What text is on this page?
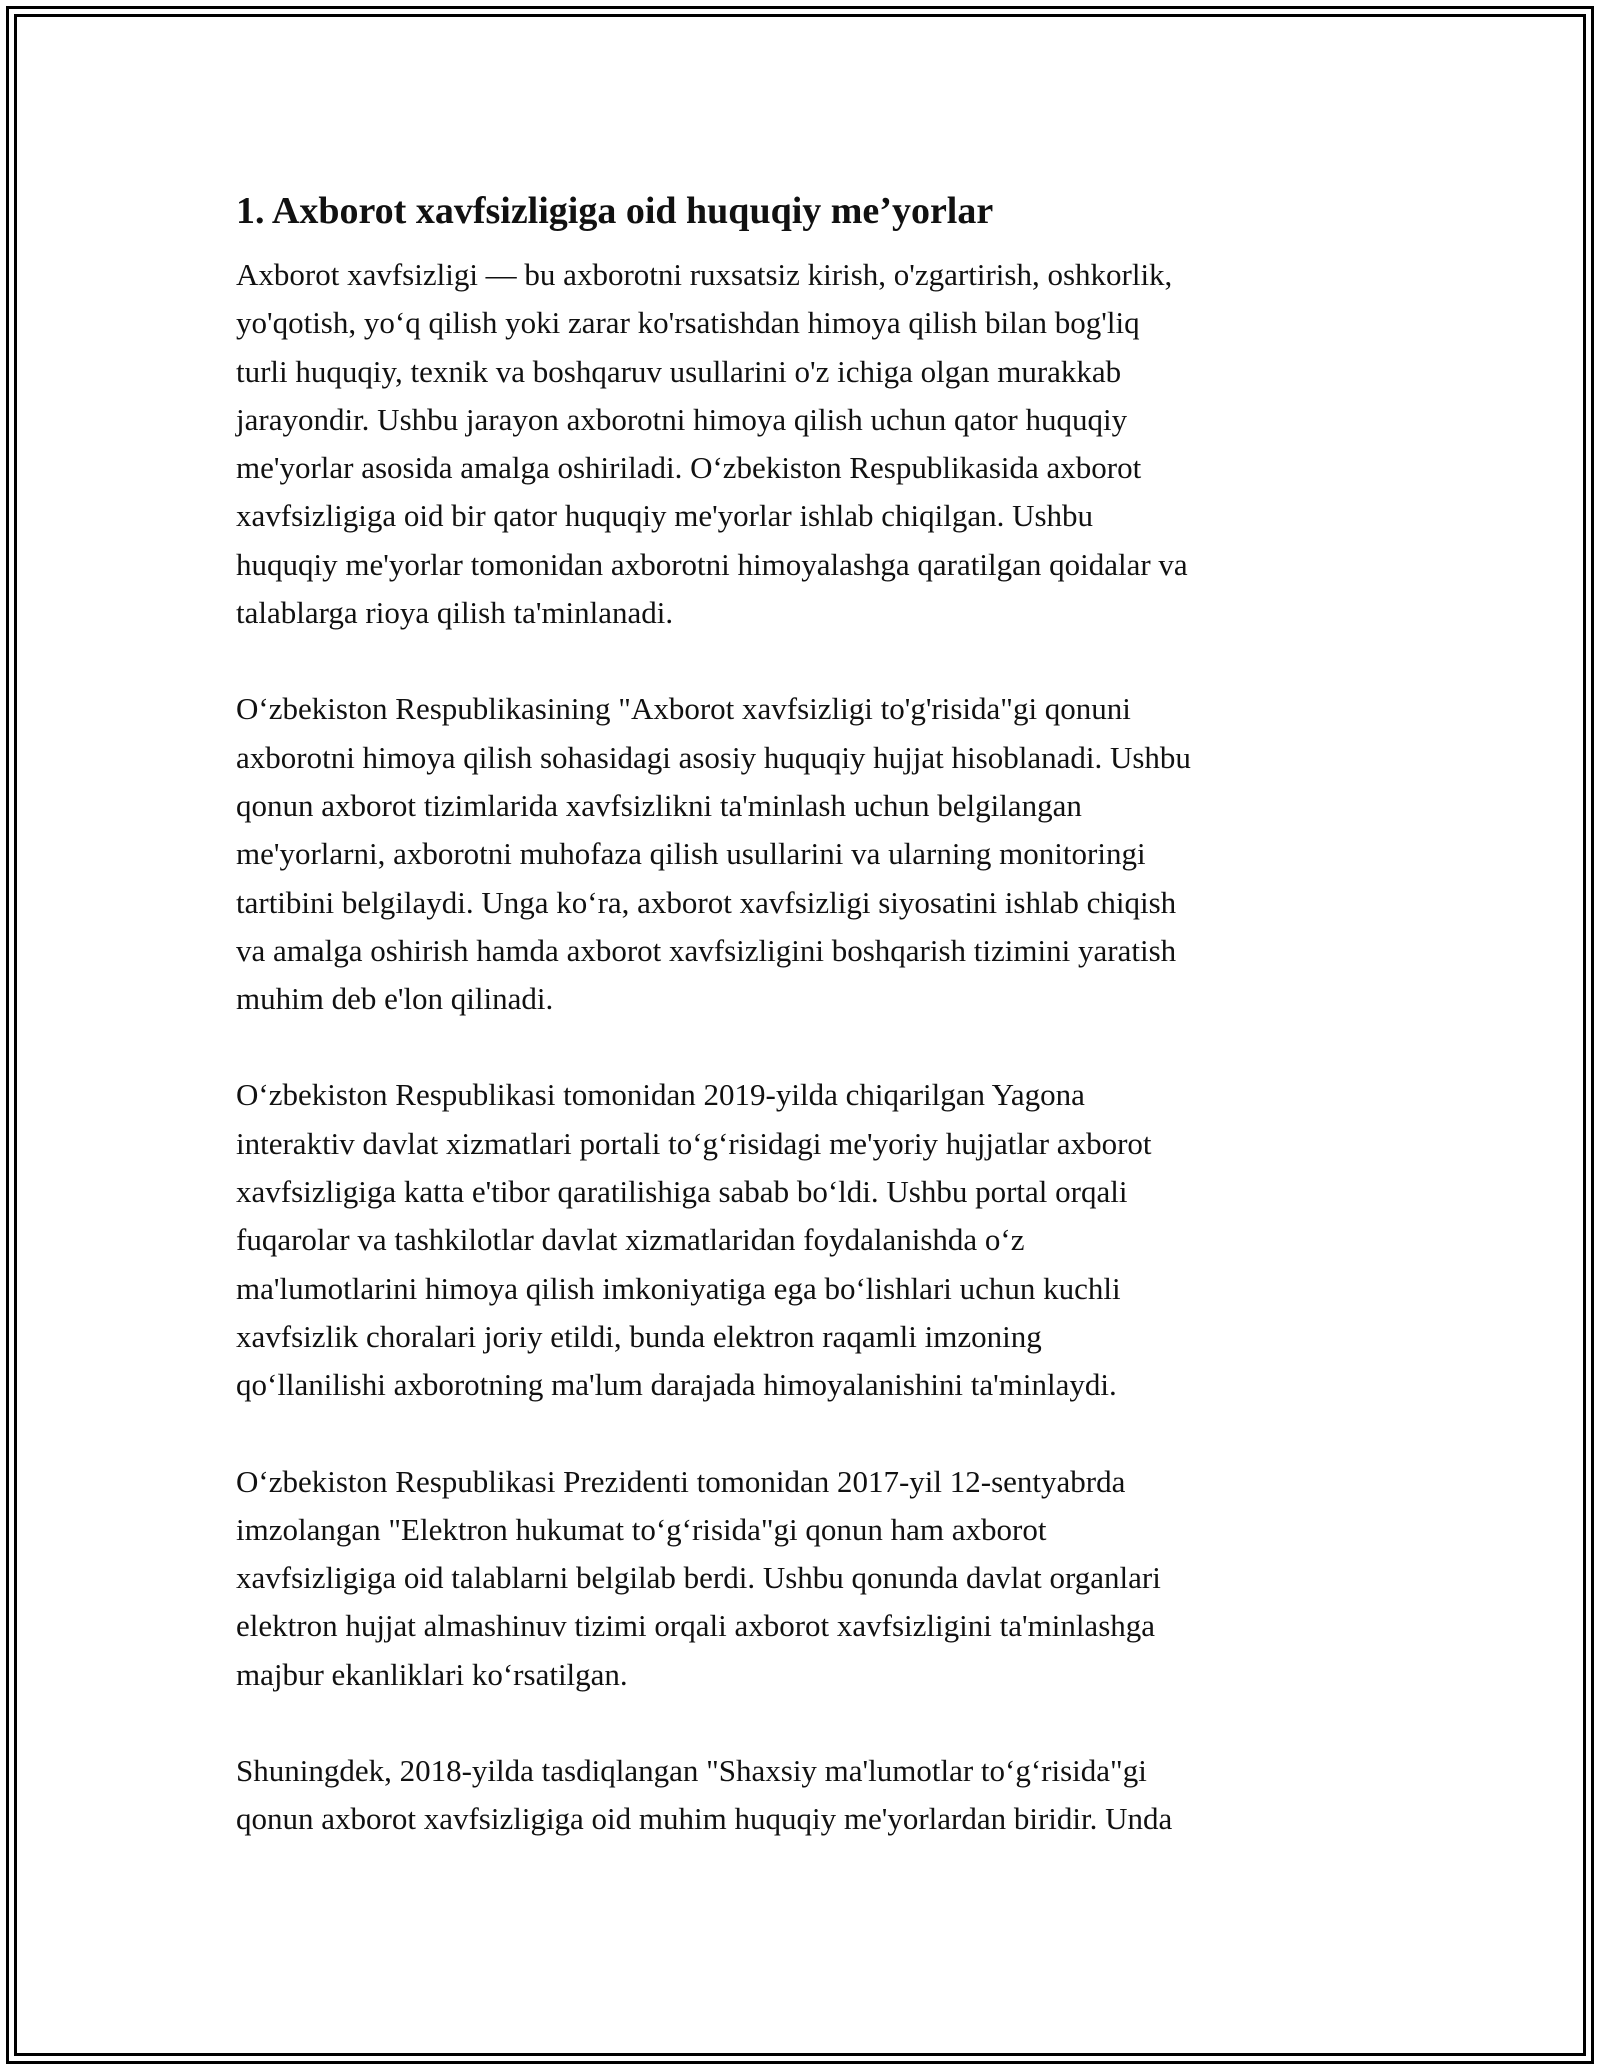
1. Axborot xavfsizligiga oid huquqiy me’yorlar

Axborot xavfsizligi — bu axborotni ruxsatsiz kirish, o'zgartirish, oshkorlik,
yo'qotish, yo‘q qilish yoki zarar ko'rsatishdan himoya qilish bilan bog'liq
turli huquqiy, texnik va boshqaruv usullarini o'z ichiga olgan murakkab
jarayondir. Ushbu jarayon axborotni himoya qilish uchun qator huquqiy
me'yorlar asosida amalga oshiriladi. O‘zbekiston Respublikasida axborot
xavfsizligiga oid bir qator huquqiy me'yorlar ishlab chiqilgan. Ushbu
huquqiy me'yorlar tomonidan axborotni himoyalashga qaratilgan qoidalar va
talablarga rioya qilish ta'minlanadi.

O‘zbekiston Respublikasining "Axborot xavfsizligi to'g'risida"gi qonuni
axborotni himoya qilish sohasidagi asosiy huquqiy hujjat hisoblanadi. Ushbu
qonun axborot tizimlarida xavfsizlikni ta'minlash uchun belgilangan
me'yorlarni, axborotni muhofaza qilish usullarini va ularning monitoringi
tartibini belgilaydi. Unga ko‘ra, axborot xavfsizligi siyosatini ishlab chiqish
va amalga oshirish hamda axborot xavfsizligini boshqarish tizimini yaratish
muhim deb e'lon qilinadi.

O‘zbekiston Respublikasi tomonidan 2019-yilda chiqarilgan Yagona
interaktiv davlat xizmatlari portali to‘g‘risidagi me'yoriy hujjatlar axborot
xavfsizligiga katta e'tibor qaratilishiga sabab bo‘ldi. Ushbu portal orqali
fuqarolar va tashkilotlar davlat xizmatlaridan foydalanishda o‘z
ma'lumotlarini himoya qilish imkoniyatiga ega bo‘lishlari uchun kuchli
xavfsizlik choralari joriy etildi, bunda elektron raqamli imzoning
qo‘llanilishi axborotning ma'lum darajada himoyalanishini ta'minlaydi.

O‘zbekiston Respublikasi Prezidenti tomonidan 2017-yil 12-sentyabrda
imzolangan "Elektron hukumat to‘g‘risida"gi qonun ham axborot
xavfsizligiga oid talablarni belgilab berdi. Ushbu qonunda davlat organlari
elektron hujjat almashinuv tizimi orqali axborot xavfsizligini ta'minlashga
majbur ekanliklari ko‘rsatilgan.

Shuningdek, 2018-yilda tasdiqlangan "Shaxsiy ma'lumotlar to‘g‘risida"gi
qonun axborot xavfsizligiga oid muhim huquqiy me'yorlardan biridir. Unda
